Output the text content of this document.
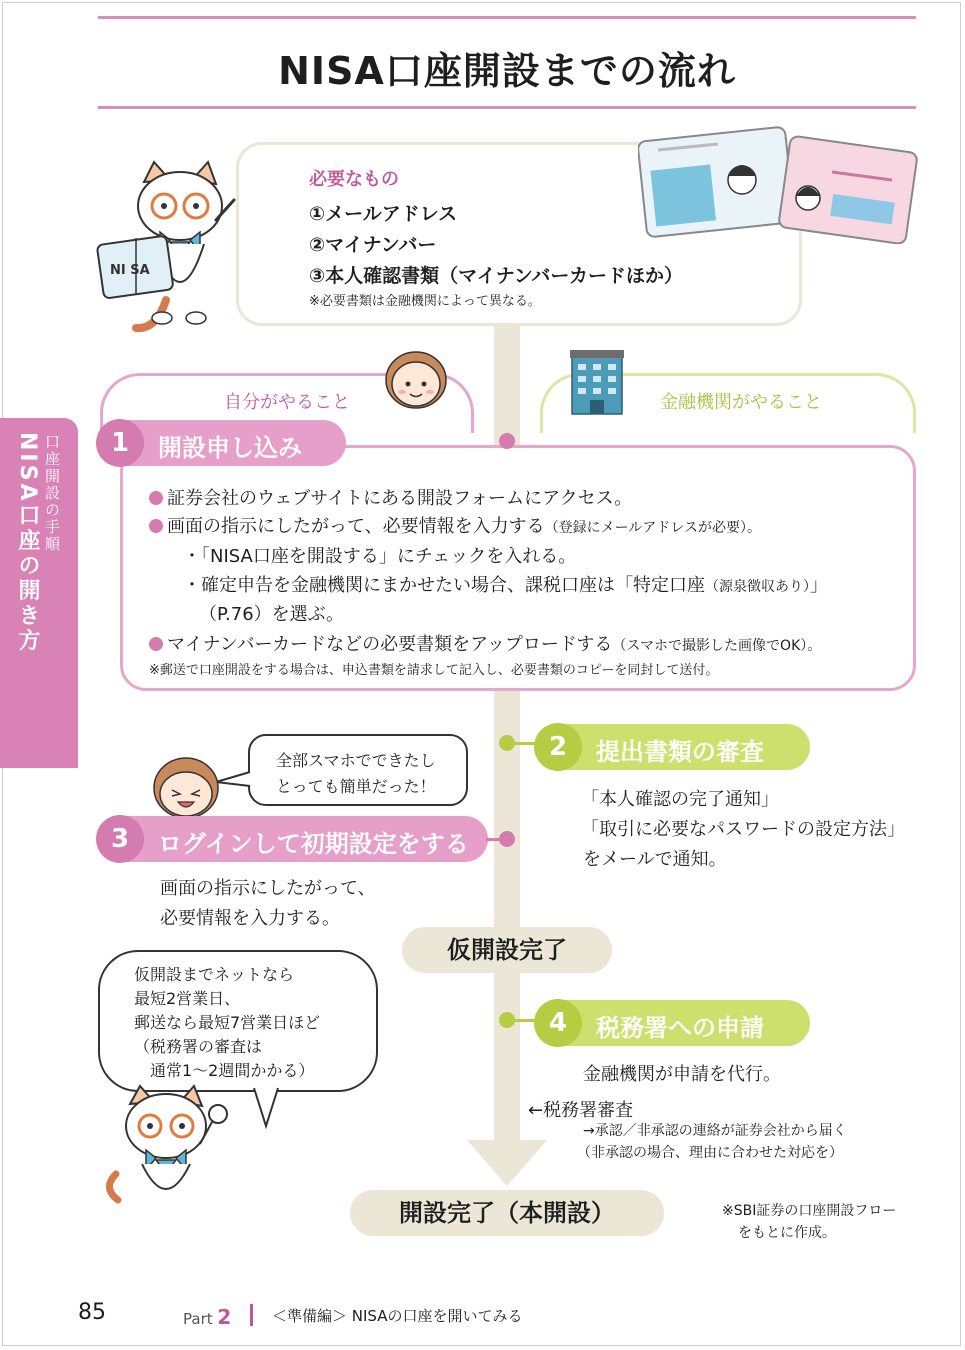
NISA口座開設までの流れ
NI SA
必要なもの
①メールアドレス
②マイナンバー
③本人確認書類（マイナンバーカードほか）
※必要書類は金融機関によって異なる。
自分がやること	金融機関がやること
口座開設の手順
NISA口座の開き方	証券会社のウェブサイトにある開設フォームにアクセス。
画面の指示にしたがって、必要情報を入力する（登録にメールアドレスが必要）。
・「NISA口座を開設する」にチェックを入れる。
・確定申告を金融機関にまかせたい場合、課税口座は「特定口座（源泉徴収あり）」
（P.76）を選ぶ。
マイナンバーカードなどの必要書類をアップロードする（スマホで撮影した画像でOK）。
※郵送で口座開設をする場合は、申込書類を請求して記入し、必要書類のコピーを同封して送付。
1	開設申し込み
2	提出書類の審査
「本人確認の完了通知」
「取引に必要なパスワードの設定方法」
をメールで通知。
全部スマホでできたし
とっても簡単だった！
3	ログインして初期設定をする
画面の指示にしたがって、
必要情報を入力する。
仮開設完了
仮開設までネットなら
最短2営業日、
郵送なら最短7営業日ほど
（税務署の審査は
通常1～2週間かかる）
4	税務署への申請
金融機関が申請を代行。
←税務署審査
→承認／非承認の連絡が証券会社から届く
（非承認の場合、理由に合わせた対応を）
開設完了（本開設）	※SBI証券の口座開設フロー
をもとに作成。
85	Part 2	＜準備編＞ NISAの口座を開いてみる
